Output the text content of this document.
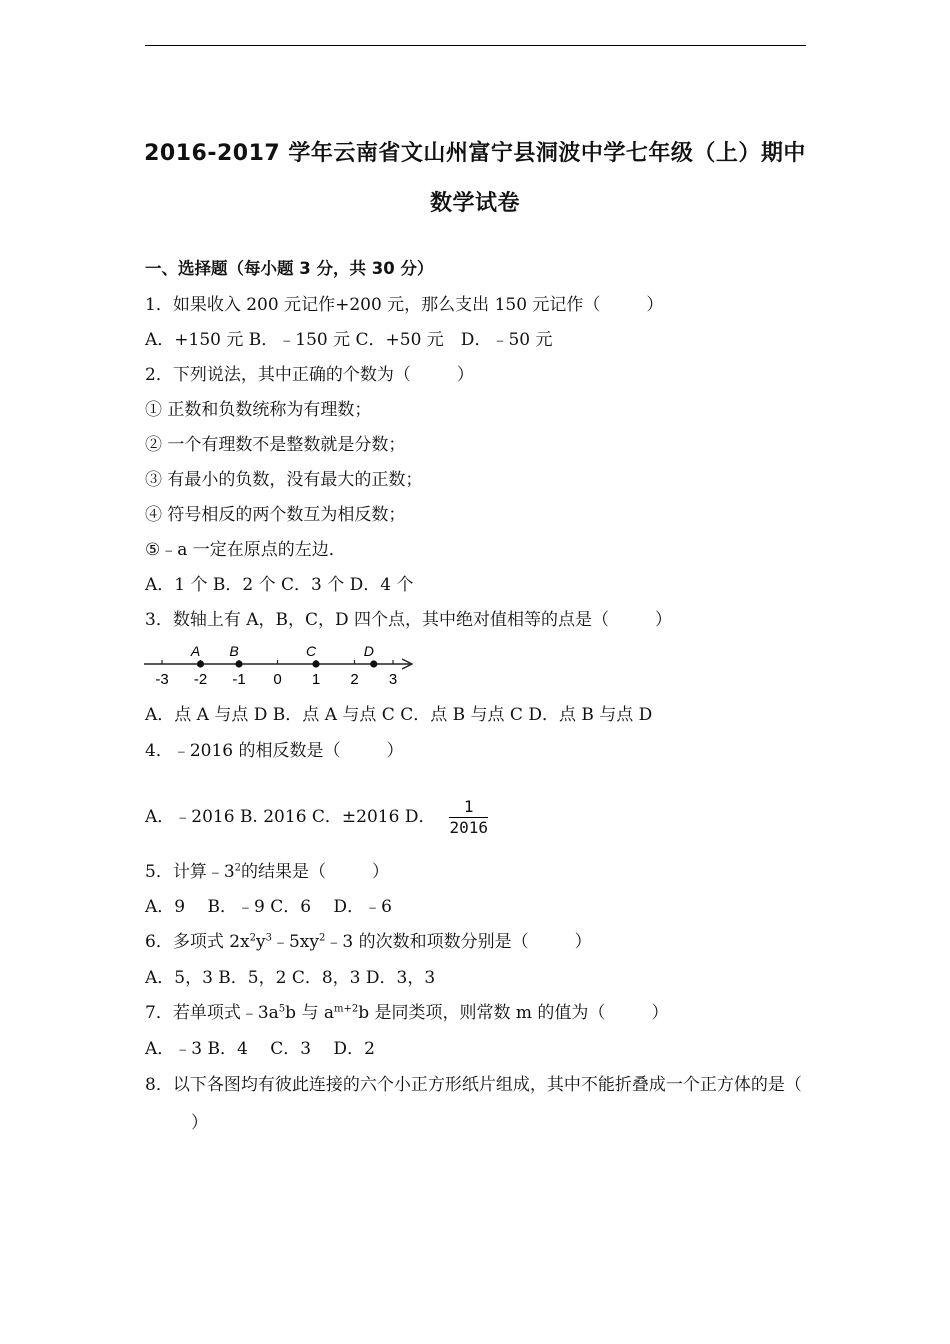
2016-2017 学年云南省文山州富宁县洞波中学七年级（上）期中
数学试卷
一、选择题（每小题 3 分，共 30 分）
1．如果收入 200 元记作+200 元，那么支出 150 元记作（	）
A．+150 元 B．﹣150 元 C．+50 元　D．﹣50 元
2．下列说法，其中正确的个数为（	）
① 正数和负数统称为有理数；
② 一个有理数不是整数就是分数；
③ 有最小的负数，没有最大的正数；
④ 符号相反的两个数互为相反数；
⑤﹣a 一定在原点的左边．
A．1 个 B．2 个 C．3 个 D．4 个
3．数轴上有 A，B，C，D 四个点，其中绝对值相等的点是（	）
-3 -2 -1 0 1 2 3
A B	C	D
A．点 A 与点 D B．点 A 与点 C C．点 B 与点 C D．点 B 与点 D
4．﹣2016 的相反数是（	）
A．﹣2016 B. 2016 C．±2016 D． $\frac{1}{2016}$
5．计算$﹣3^2$的结果是（	）
A．9　 B．﹣9 C．6　 D．﹣6
6．多项式 $2x^2y^3﹣5xy^2﹣3$ 的次数和项数分别是（	）
A．5，3 B．5，2 C．8，3 D．3，3
7．若单项式$﹣3a^5b$ 与 $a^{m+2}b$ 是同类项，则常数 m 的值为（	）
A．﹣3 B．4　 C．3　 D．2
8．以下各图均有彼此连接的六个小正方形纸片组成，其中不能折叠成一个正方体的是（）
